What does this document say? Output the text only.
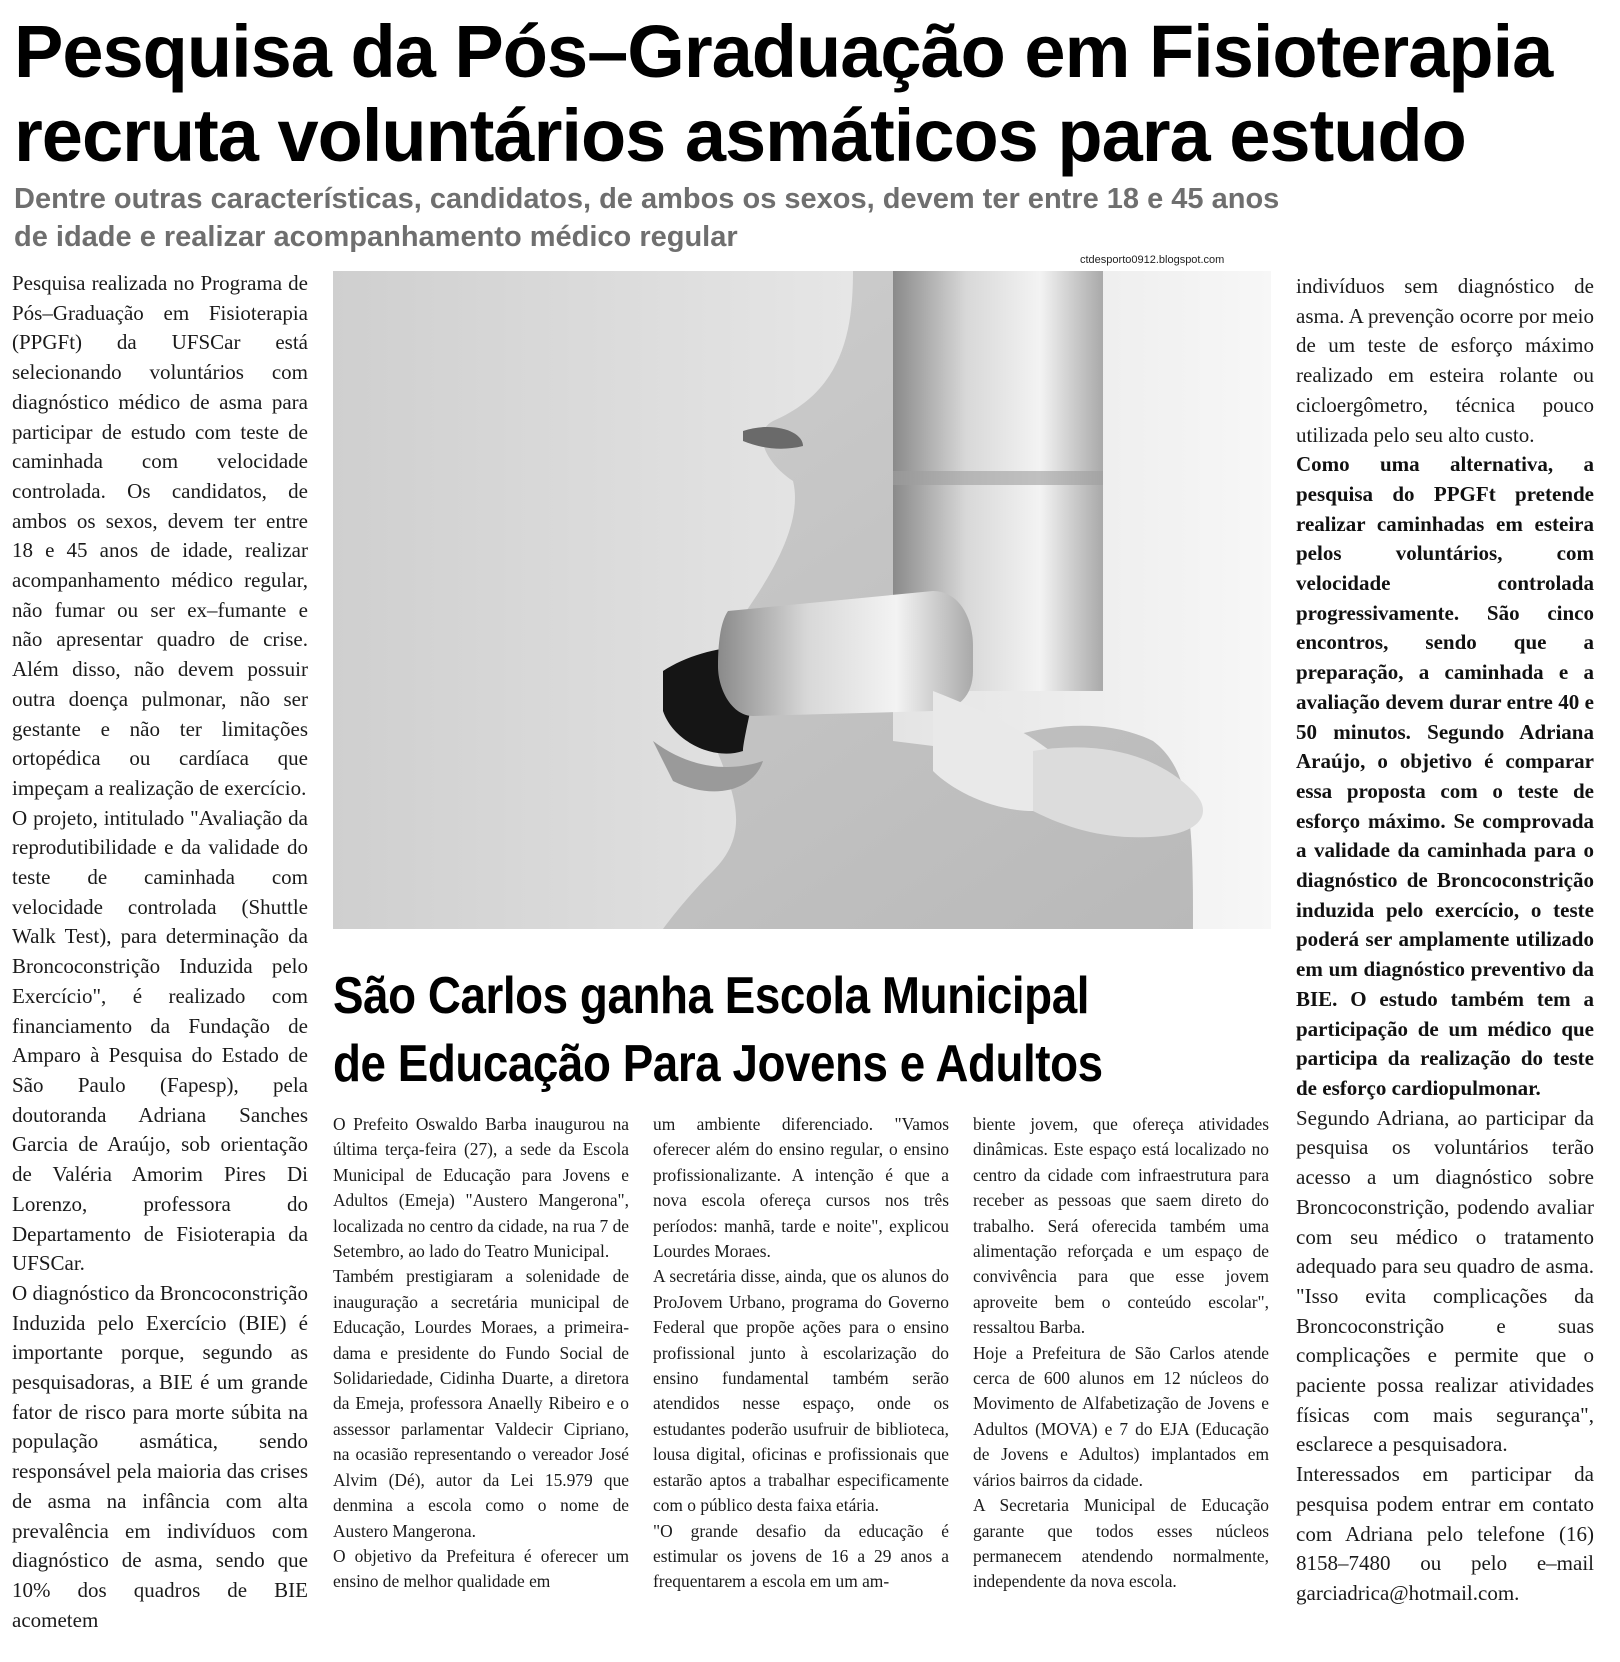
Pesquisa da Pós–Graduação em Fisioterapia
recruta voluntários asmáticos para estudo

Dentre outras características, candidatos, de ambos os sexos, devem ter entre 18 e 45 anos de idade e realizar acompanhamento médico regular

ctdesporto0912.blogspot.com

Pesquisa realizada no Programa de Pós–Graduação em Fisioterapia (PPGFt) da UFSCar está selecionando voluntários com diagnóstico médico de asma para participar de estudo com teste de caminhada com velocidade controlada. Os candidatos, de ambos os sexos, devem ter entre 18 e 45 anos de idade, realizar acompanhamento médico regular, não fumar ou ser ex–fumante e não apresentar quadro de crise. Além disso, não devem possuir outra doença pulmonar, não ser gestante e não ter limitações ortopédica ou cardíaca que impeçam a realização de exercício.

O projeto, intitulado "Avaliação da reprodutibilidade e da validade do teste de caminhada com velocidade controlada (Shuttle Walk Test), para determinação da Broncoconstrição Induzida pelo Exercício", é realizado com financiamento da Fundação de Amparo à Pesquisa do Estado de São Paulo (Fapesp), pela doutoranda Adriana Sanches Garcia de Araújo, sob orientação de Valéria Amorim Pires Di Lorenzo, professora do Departamento de Fisioterapia da UFSCar.

O diagnóstico da Broncoconstrição Induzida pelo Exercício (BIE) é importante porque, segundo as pesquisadoras, a BIE é um grande fator de risco para morte súbita na população asmática, sendo responsável pela maioria das crises de asma na infância com alta prevalência em indivíduos com diagnóstico de asma, sendo que 10% dos quadros de BIE acometem

São Carlos ganha Escola Municipal
de Educação Para Jovens e Adultos

O Prefeito Oswaldo Barba inaugurou na última terça-feira (27), a sede da Escola Municipal de Educação para Jovens e Adultos (Emeja) "Austero Mangerona", localizada no centro da cidade, na rua 7 de Setembro, ao lado do Teatro Municipal.

Também prestigiaram a solenidade de inauguração a secretária municipal de Educação, Lourdes Moraes, a primeira-dama e presidente do Fundo Social de Solidariedade, Cidinha Duarte, a diretora da Emeja, professora Anaelly Ribeiro e o assessor parlamentar Valdecir Cipriano, na ocasião representando o vereador José Alvim (Dé), autor da Lei 15.979 que denmina a escola como o nome de Austero Mangerona.

O objetivo da Prefeitura é oferecer um ensino de melhor qualidade em

um ambiente diferenciado. "Vamos oferecer além do ensino regular, o ensino profissionalizante. A intenção é que a nova escola ofereça cursos nos três períodos: manhã, tarde e noite", explicou Lourdes Moraes.

A secretária disse, ainda, que os alunos do ProJovem Urbano, programa do Governo Federal que propõe ações para o ensino profissional junto à escolarização do ensino fundamental também serão atendidos nesse espaço, onde os estudantes poderão usufruir de biblioteca, lousa digital, oficinas e profissionais que estarão aptos a trabalhar especificamente com o público desta faixa etária.

"O grande desafio da educação é estimular os jovens de 16 a 29 anos a frequentarem a escola em um am-

biente jovem, que ofereça atividades dinâmicas. Este espaço está localizado no centro da cidade com infraestrutura para receber as pessoas que saem direto do trabalho. Será oferecida também uma alimentação reforçada e um espaço de convivência para que esse jovem aproveite bem o conteúdo escolar", ressaltou Barba.

Hoje a Prefeitura de São Carlos atende cerca de 600 alunos em 12 núcleos do Movimento de Alfabetização de Jovens e Adultos (MOVA) e 7 do EJA (Educação de Jovens e Adultos) implantados em vários bairros da cidade.

A Secretaria Municipal de Educação garante que todos esses núcleos permanecem atendendo normalmente, independente da nova escola.

indivíduos sem diagnóstico de asma. A prevenção ocorre por meio de um teste de esforço máximo realizado em esteira rolante ou cicloergômetro, técnica pouco utilizada pelo seu alto custo.

Como uma alternativa, a pesquisa do PPGFt pretende realizar caminhadas em esteira pelos voluntários, com velocidade controlada progressivamente. São cinco encontros, sendo que a preparação, a caminhada e a avaliação devem durar entre 40 e 50 minutos. Segundo Adriana Araújo, o objetivo é comparar essa proposta com o teste de esforço máximo. Se comprovada a validade da caminhada para o diagnóstico de Broncoconstrição induzida pelo exercício, o teste poderá ser amplamente utilizado em um diagnóstico preventivo da BIE. O estudo também tem a participação de um médico que participa da realização do teste de esforço cardiopulmonar.

Segundo Adriana, ao participar da pesquisa os voluntários terão acesso a um diagnóstico sobre Broncoconstrição, podendo avaliar com seu médico o tratamento adequado para seu quadro de asma. "Isso evita complicações da Broncoconstrição e suas complicações e permite que o paciente possa realizar atividades físicas com mais segurança", esclarece a pesquisadora.

Interessados em participar da pesquisa podem entrar em contato com Adriana pelo telefone (16) 8158–7480 ou pelo e–mail garciadrica@hotmail.com.
